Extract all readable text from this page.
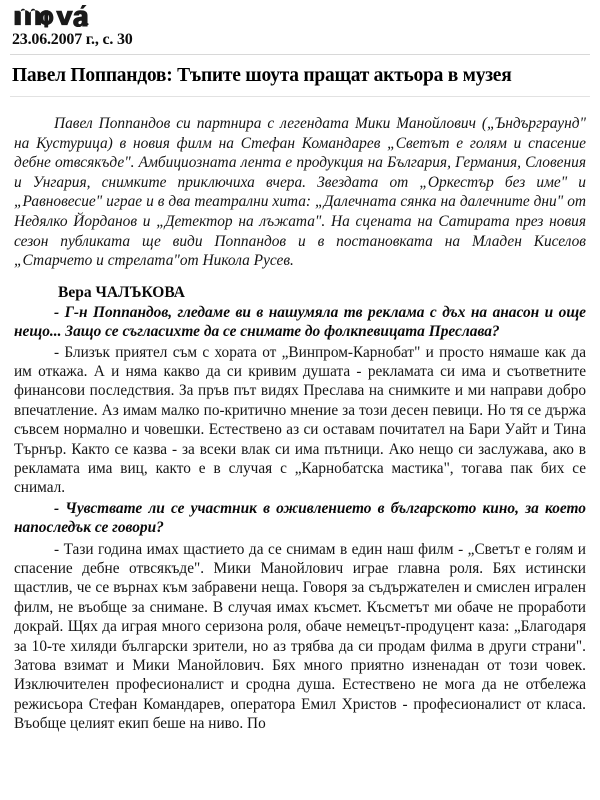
23.06.2007 г., с. 30
Павел Поппандов: Тъпите шоута пращат актьора в музея

Павел Поппандов си партнира с легендата Мики Манойлович („Ъндърграунд" на Кустурица) в новия филм на Стефан Командарев „Светът е голям и спасение дебне отвсякъде". Амбициозната лента е продукция на България, Германия, Словения и Унгария, снимките приключиха вчера. Звездата от „Оркестър без име" и „Равновесие" играе и в два театрални хита: „Далечната сянка на далечните дни" от Недялко Йорданов и „Детектор на лъжата". На сцената на Сатирата през новия сезон публиката ще види Поппандов и в постановката на Младен Киселов „Старчето и стрелата"от Никола Русев.

Вера ЧАЛЪКОВА

- Г-н Поппандов, гледаме ви в нашумяла тв реклама с дъх на анасон и още нещо... Защо се съгласихте да се снимате до фолкпевицата Преслава?

- Близък приятел съм с хората от „Винпром-Карнобат" и просто нямаше как да им откажа. А и няма какво да си кривим душата - рекламата си има и съответните финансови последствия. За пръв път видях Преслава на снимките и ми направи добро впечатление. Аз имам малко по-критично мнение за този десен певици. Но тя се държа съвсем нормално и човешки. Естествено аз си оставам почитател на Бари Уайт и Тина Търнър. Както се казва - за всеки влак си има пътници. Ако нещо си заслужава, ако в рекламата има виц, както е в случая с „Карнобатска мастика", тогава пак бих се снимал.

- Чувствате ли се участник в оживлението в българското кино, за което напоследък се говори?

- Тази година имах щастието да се снимам в един наш филм - „Светът е голям и спасение дебне отвсякъде". Мики Манойлович играе главна роля. Бях истински щастлив, че се върнах към забравени неща. Говоря за съдържателен и смислен игрален филм, не въобще за снимане. В случая имах късмет. Късметът ми обаче не проработи докрай. Щях да играя много серизона роля, обаче немецът-продуцент каза: „Благодаря за 10-те хиляди български зрители, но аз трябва да си продам филма в други страни". Затова взимат и Мики Манойлович. Бях много приятно изненадан от този човек. Изключителен професионалист и сродна душа. Естествено не мога да не отбележа режисьора Стефан Командарев, оператора Емил Христов - професионалист от класа. Въобще целият екип беше на ниво. По
